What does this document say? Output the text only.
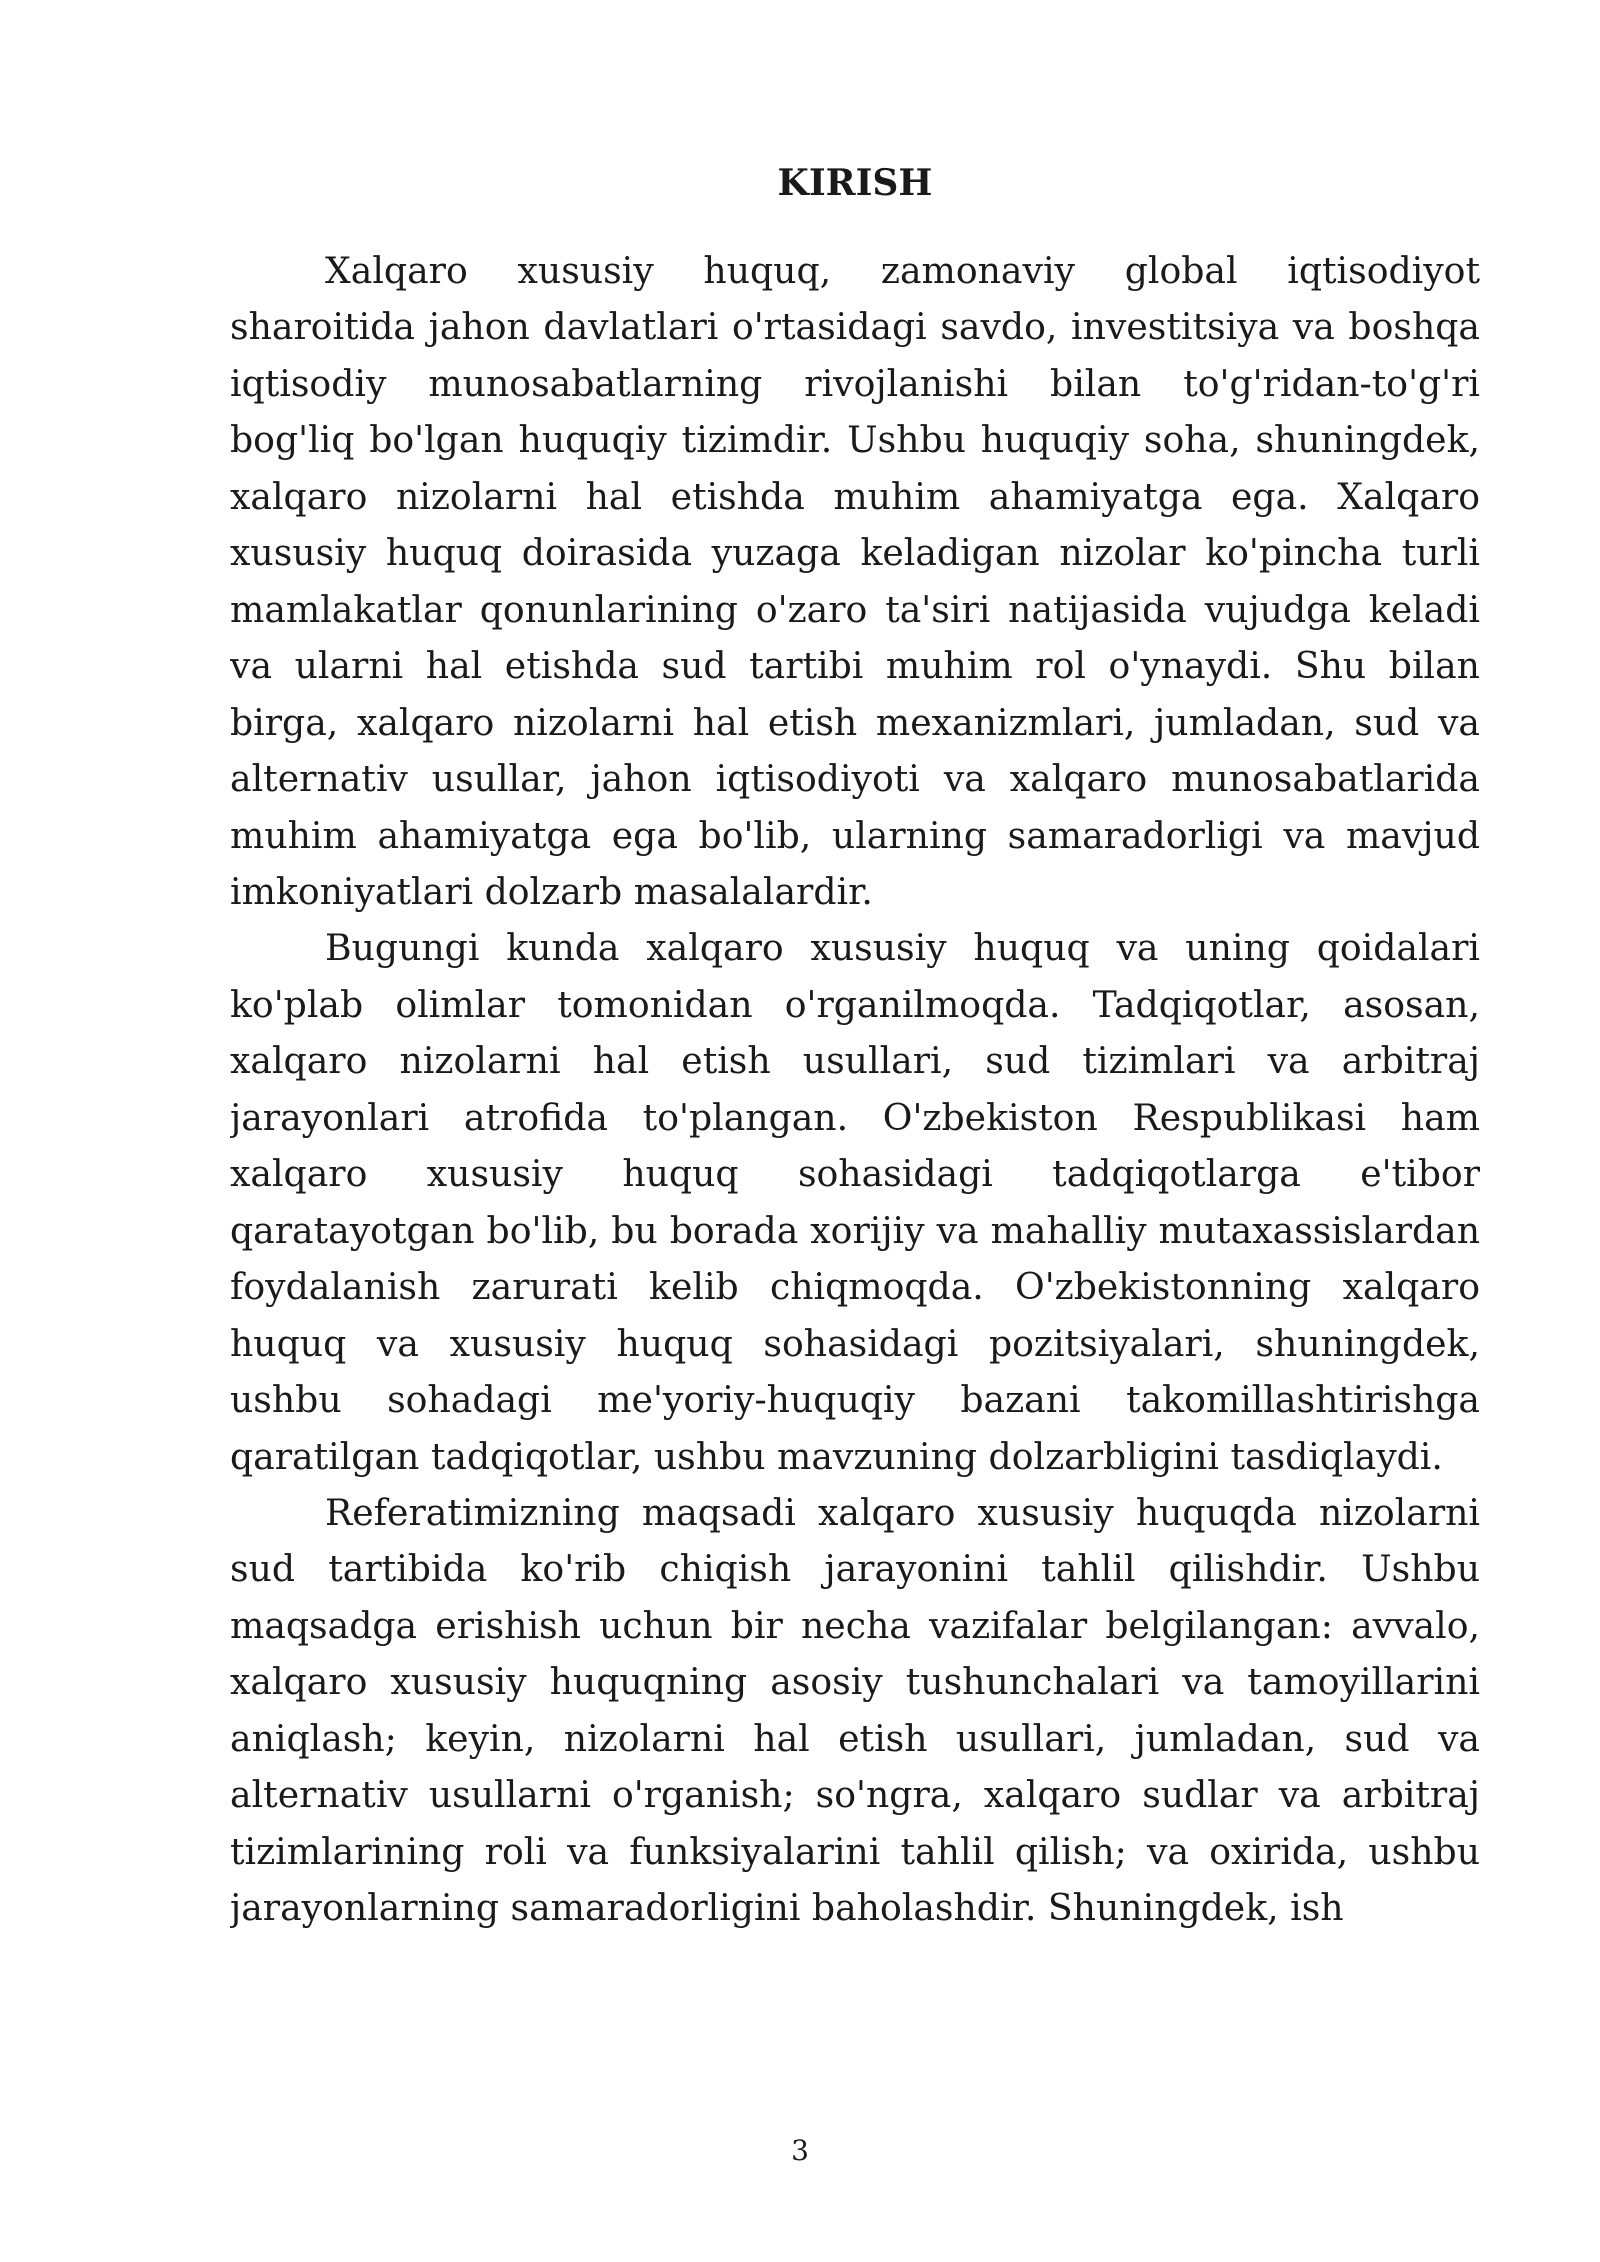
KIRISH

Xalqaro xususiy huquq, zamonaviy global iqtisodiyot sharoitida jahon davlatlari o'rtasidagi savdo, investitsiya va boshqa iqtisodiy munosabatlarning rivojlanishi bilan to'g'ridan-to'g'ri bog'liq bo'lgan huquqiy tizimdir. Ushbu huquqiy soha, shuningdek, xalqaro nizolarni hal etishda muhim ahamiyatga ega. Xalqaro xususiy huquq doirasida yuzaga keladigan nizolar ko'pincha turli mamlakatlar qonunlarining o'zaro ta'siri natijasida vujudga keladi va ularni hal etishda sud tartibi muhim rol o'ynaydi. Shu bilan birga, xalqaro nizolarni hal etish mexanizmlari, jumladan, sud va alternativ usullar, jahon iqtisodiyoti va xalqaro munosabatlarida muhim ahamiyatga ega bo'lib, ularning samaradorligi va mavjud imkoniyatlari dolzarb masalalardir.

Bugungi kunda xalqaro xususiy huquq va uning qoidalari ko'plab olimlar tomonidan o'rganilmoqda. Tadqiqotlar, asosan, xalqaro nizolarni hal etish usullari, sud tizimlari va arbitraj jarayonlari atrofida to'plangan. O'zbekiston Respublikasi ham xalqaro xususiy huquq sohasidagi tadqiqotlarga e'tibor qaratayotgan bo'lib, bu borada xorijiy va mahalliy mutaxassislardan foydalanish zarurati kelib chiqmoqda. O'zbekistonning xalqaro huquq va xususiy huquq sohasidagi pozitsiyalari, shuningdek, ushbu sohadagi me'yoriy-huquqiy bazani takomillashtirishga qaratilgan tadqiqotlar, ushbu mavzuning dolzarbligini tasdiqlaydi.

Referatimizning maqsadi xalqaro xususiy huquqda nizolarni sud tartibida ko'rib chiqish jarayonini tahlil qilishdir. Ushbu maqsadga erishish uchun bir necha vazifalar belgilangan: avvalo, xalqaro xususiy huquqning asosiy tushunchalari va tamoyillarini aniqlash; keyin, nizolarni hal etish usullari, jumladan, sud va alternativ usullarni o'rganish; so'ngra, xalqaro sudlar va arbitraj tizimlarining roli va funksiyalarini tahlil qilish; va oxirida, ushbu jarayonlarning samaradorligini baholashdir. Shuningdek, ish

3
